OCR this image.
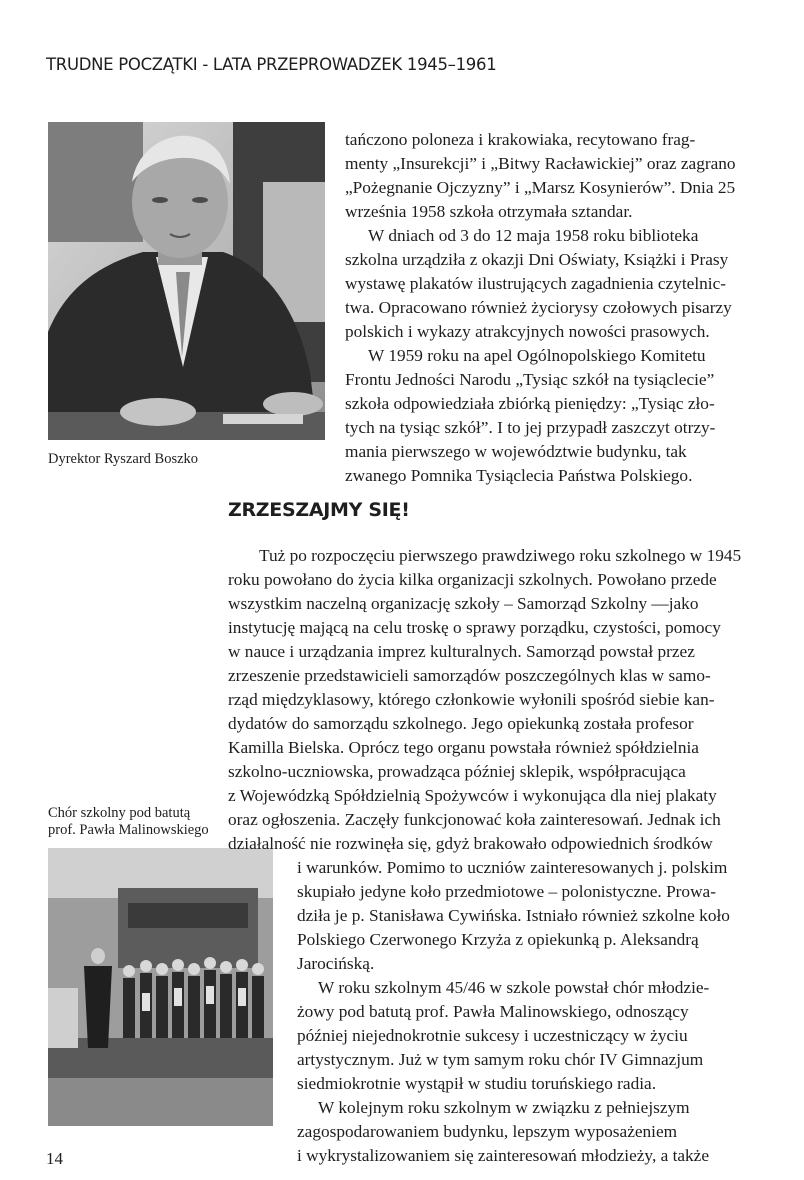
TRUDNE POCZĄTKI - LATA PRZEPROWADZEK 1945–1961
Dyrektor Ryszard Boszko
tańczono poloneza i krakowiaka, recytowano frag-
menty „Insurekcji” i „Bitwy Racławickiej” oraz zagrano
„Pożegnanie Ojczyzny” i „Marsz Kosynierów”. Dnia 25
września 1958 szkoła otrzymała sztandar.
W dniach od 3 do 12 maja 1958 roku biblioteka
szkolna urządziła z okazji Dni Oświaty, Książki i Prasy
wystawę plakatów ilustrujących zagadnienia czytelnic-
twa. Opracowano również życiorysy czołowych pisarzy
polskich i wykazy atrakcyjnych nowości prasowych.
W 1959 roku na apel Ogólnopolskiego Komitetu
Frontu Jedności Narodu „Tysiąc szkół na tysiąclecie”
szkoła odpowiedziała zbiórką pieniędzy: „Tysiąc zło-
tych na tysiąc szkół”. I to jej przypadł zaszczyt otrzy-
mania pierwszego w województwie budynku, tak
zwanego Pomnika Tysiąclecia Państwa Polskiego.
ZRZESZAJMY SIĘ!
Chór szkolny pod batutą
prof. Pawła Malinowskiego
Tuż po rozpoczęciu pierwszego prawdziwego roku szkolnego w 1945
roku powołano do życia kilka organizacji szkolnych. Powołano przede
wszystkim naczelną organizację szkoły – Samorząd Szkolny —jako
instytucję mającą na celu troskę o sprawy porządku, czystości, pomocy
w nauce i urządzania imprez kulturalnych. Samorząd powstał przez
zrzeszenie przedstawicieli samorządów poszczególnych klas w samo-
rząd międzyklasowy, którego członkowie wyłonili spośród siebie kan-
dydatów do samorządu szkolnego. Jego opiekunką została profesor
Kamilla Bielska. Oprócz tego organu powstała również spółdzielnia
szkolno-uczniowska, prowadząca później sklepik, współpracująca
z Wojewódzką Spółdzielnią Spożywców i wykonująca dla niej plakaty
oraz ogłoszenia. Zaczęły funkcjonować koła zainteresowań. Jednak ich
działalność nie rozwinęła się, gdyż brakowało odpowiednich środków
i warunków. Pomimo to uczniów zainteresowanych j. polskim
skupiało jedyne koło przedmiotowe – polonistyczne. Prowa-
dziła je p. Stanisława Cywińska. Istniało również szkolne koło
Polskiego Czerwonego Krzyża z opiekunką p. Aleksandrą
Jarocińską.
W roku szkolnym 45/46 w szkole powstał chór młodzie-
żowy pod batutą prof. Pawła Malinowskiego, odnoszący
później niejednokrotnie sukcesy i uczestniczący w życiu
artystycznym. Już w tym samym roku chór IV Gimnazjum
siedmiokrotnie wystąpił w studiu toruńskiego radia.
W kolejnym roku szkolnym w związku z pełniejszym
zagospodarowaniem budynku, lepszym wyposażeniem
i wykrystalizowaniem się zainteresowań młodzieży, a także
14
